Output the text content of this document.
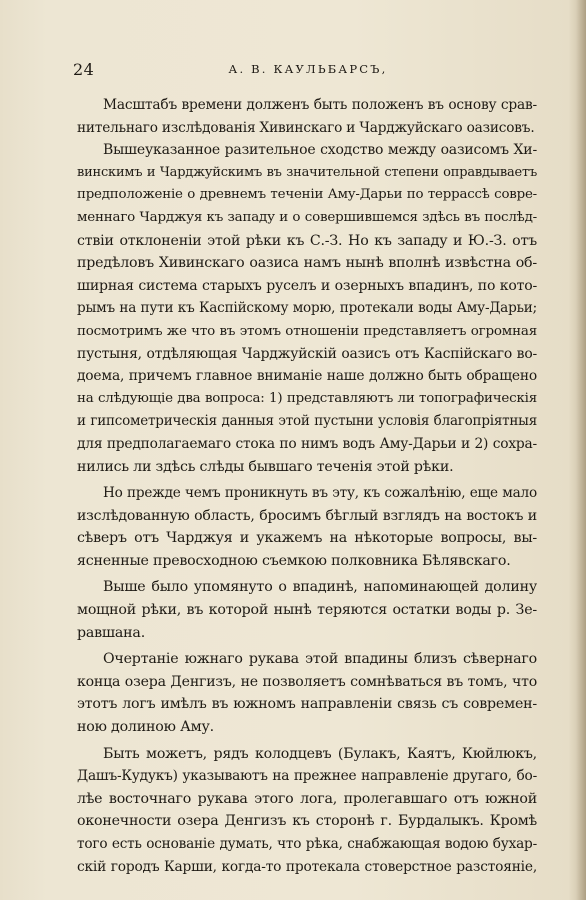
24	А. В. КАУЛЬБАРСЪ,
Масштабъ времени долженъ быть положенъ въ основу срав-
нительнаго изслѣдованія Хивинскаго и Чарджуйскаго оазисовъ.
Вышеуказанное разительное сходство между оазисомъ Хи-
винскимъ и Чарджуйскимъ въ значительной степени оправдываетъ
предположеніе о древнемъ теченіи Аму-Дарьи по террассѣ совре-
меннаго Чарджуя къ западу и о совершившемся здѣсь въ послѣд-
ствіи отклоненіи этой рѣки къ С.-З. Но къ западу и Ю.-З. отъ
предѣловъ Хивинскаго оазиса намъ нынѣ вполнѣ извѣстна об-
ширная система старыхъ руселъ и озерныхъ впадинъ, по кото-
рымъ на пути къ Каспійскому морю, протекали воды Аму-Дарьи;
посмотримъ же что въ этомъ отношеніи представляетъ огромная
пустыня, отдѣляющая Чарджуйскій оазисъ отъ Каспійскаго во-
доема, причемъ главное вниманіе наше должно быть обращено
на слѣдующіе два вопроса: 1) представляютъ ли топографическія
и гипсометрическія данныя этой пустыни условія благопріятныя
для предполагаемаго стока по нимъ водъ Аму-Дарьи и 2) сохра-
нились ли здѣсь слѣды бывшаго теченія этой рѣки.
Но прежде чемъ проникнуть въ эту, къ сожалѣнію, еще мало
изслѣдованную область, бросимъ бѣглый взглядъ на востокъ и
сѣверъ отъ Чарджуя и укажемъ на нѣкоторые вопросы, вы-
ясненные превосходною съемкою полковника Бѣлявскаго.
Выше было упомянуто о впадинѣ, напоминающей долину
мощной рѣки, въ которой нынѣ теряются остатки воды р. Зе-
равшана.
Очертаніе южнаго рукава этой впадины близъ сѣвернаго
конца озера Денгизъ, не позволяетъ сомнѣваться въ томъ, что
этотъ логъ имѣлъ въ южномъ направленіи связь съ современ-
ною долиною Аму.
Быть можетъ, рядъ колодцевъ (Булакъ, Каятъ, Кюйлюкъ,
Дашъ-Кудукъ) указываютъ на прежнее направленіе другаго, бо-
лѣе восточнаго рукава этого лога, пролегавшаго отъ южной
оконечности озера Денгизъ къ сторонѣ г. Бурдалыкъ. Кромѣ
того есть основаніе думать, что рѣка, снабжающая водою бухар-
скій городъ Карши, когда-то протекала стоверстное разстояніе,
